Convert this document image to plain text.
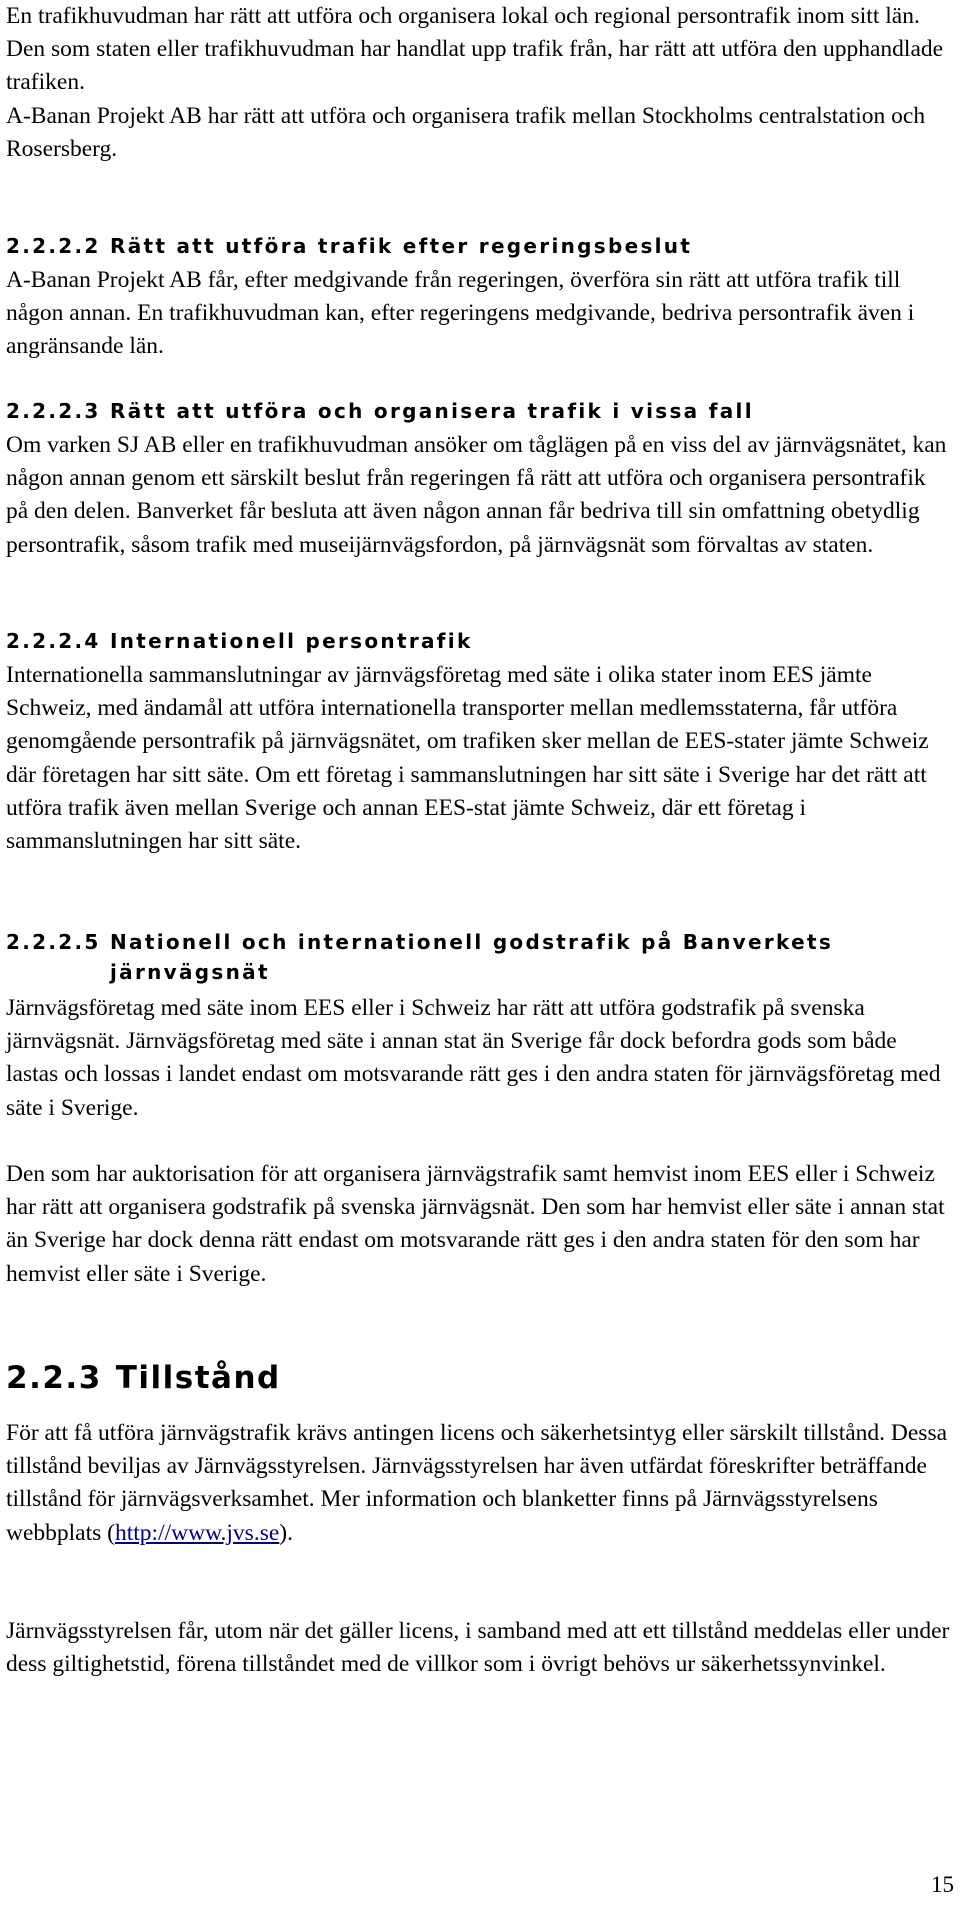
En trafikhuvudman har rätt att utföra och organisera lokal och regional persontrafik inom sitt län. Den som staten eller trafikhuvudman har handlat upp trafik från, har rätt att utföra den upphandlade trafiken.

A-Banan Projekt AB har rätt att utföra och organisera trafik mellan Stockholms centralstation och Rosersberg.

2.2.2.2 Rätt att utföra trafik efter regeringsbeslut

A-Banan Projekt AB får, efter medgivande från regeringen, överföra sin rätt att utföra trafik till någon annan. En trafikhuvudman kan, efter regeringens medgivande, bedriva persontrafik även i angränsande län.

2.2.2.3 Rätt att utföra och organisera trafik i vissa fall

Om varken SJ AB eller en trafikhuvudman ansöker om tåglägen på en viss del av järnvägsnätet, kan någon annan genom ett särskilt beslut från regeringen få rätt att utföra och organisera persontrafik på den delen. Banverket får besluta att även någon annan får bedriva till sin omfattning obetydlig persontrafik, såsom trafik med museijärnvägsfordon, på järnvägsnät som förvaltas av staten.

2.2.2.4 Internationell persontrafik

Internationella sammanslutningar av järnvägsföretag med säte i olika stater inom EES jämte Schweiz, med ändamål att utföra internationella transporter mellan medlemsstaterna, får utföra genomgående persontrafik på järnvägsnätet, om trafiken sker mellan de EES-stater jämte Schweiz där företagen har sitt säte. Om ett företag i sammanslutningen har sitt säte i Sverige har det rätt att utföra trafik även mellan Sverige och annan EES-stat jämte Schweiz, där ett företag i sammanslutningen har sitt säte.

2.2.2.5 Nationell och internationell godstrafik på Banverkets
järnvägsnät

Järnvägsföretag med säte inom EES eller i Schweiz har rätt att utföra godstrafik på svenska järnvägsnät. Järnvägsföretag med säte i annan stat än Sverige får dock befordra gods som både lastas och lossas i landet endast om motsvarande rätt ges i den andra staten för järnvägsföretag med säte i Sverige.

Den som har auktorisation för att organisera järnvägstrafik samt hemvist inom EES eller i Schweiz har rätt att organisera godstrafik på svenska järnvägsnät. Den som har hemvist eller säte i annan stat än Sverige har dock denna rätt endast om motsvarande rätt ges i den andra staten för den som har hemvist eller säte i Sverige.

2.2.3 Tillstånd

För att få utföra järnvägstrafik krävs antingen licens och säkerhetsintyg eller särskilt tillstånd. Dessa tillstånd beviljas av Järnvägsstyrelsen. Järnvägsstyrelsen har även utfärdat föreskrifter beträffande tillstånd för järnvägsverksamhet. Mer information och blanketter finns på Järnvägsstyrelsens webbplats (http://www.jvs.se).

Järnvägsstyrelsen får, utom när det gäller licens, i samband med att ett tillstånd meddelas eller under dess giltighetstid, förena tillståndet med de villkor som i övrigt behövs ur säkerhetssynvinkel.

15
